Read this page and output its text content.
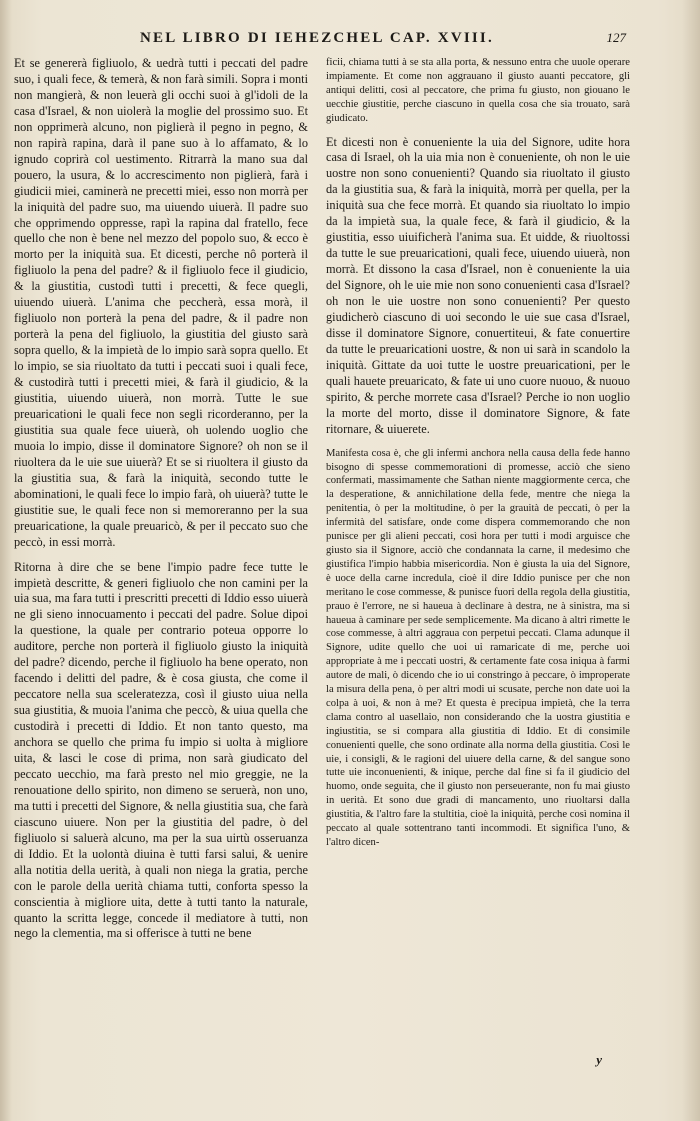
NEL LIBRO DI IEHEZCHEL CAP. XVIII.	127

Et se genererà figliuolo, & uedrà tutti i peccati del padre suo, i quali fece, & temerà, & non farà simili. Sopra i monti non mangierà, & non leuerà gli occhi suoi à gl'idoli de la casa d'Israel, & non uiolerà la moglie del prossimo suo. Et non opprimerà alcuno, non piglierà il pegno in pegno, & non rapirà rapina, darà il pane suo à lo affamato, & lo ignudo coprirà col uestimento. Ritrarrà la mano sua dal pouero, la usura, & lo accrescimento non piglierà, farà i giudicii miei, caminerà ne precetti miei, esso non morrà per la iniquità del padre suo, ma uiuendo uiuerà. Il padre suo che opprimendo oppresse, rapì la rapina dal fratello, fece quello che non è bene nel mezzo del popolo suo, & ecco è morto per la iniquità sua. Et dicesti, perche nô porterà il figliuolo la pena del padre? & il figliuolo fece il giudicio, & la giustitia, custodì tutti i precetti, & fece quegli, uiuendo uiuerà. L'anima che peccherà, essa morà, il figliuolo non porterà la pena del padre, & il padre non porterà la pena del figliuolo, la giustitia del giusto sarà sopra quello, & la impietà de lo impio sarà sopra quello. Et lo impio, se sia riuoltato da tutti i peccati suoi i quali fece, & custodirà tutti i precetti miei, & farà il giudicio, & la giustitia, uiuendo uiuerà, non morrà. Tutte le sue preuaricationi le quali fece non segli ricorderanno, per la giustitia sua quale fece uiuerà, oh uolendo uoglio che muoia lo impio, disse il dominatore Signore? oh non se il riuoltera da le uie sue uiuerà? Et se si riuoltera il giusto da la giustitia sua, & farà la iniquità, secondo tutte le abominationi, le quali fece lo impio farà, oh uiuerà? tutte le giustitie sue, le quali fece non si memoreranno per la sua preuaricatione, la quale preuaricò, & per il peccato suo che peccò, in essi morrà.

Ritorna à dire che se bene l'impio padre fece tutte le impietà descritte, & generi figliuolo che non camini per la uia sua, ma fara tutti i prescritti precetti di Iddio esso uiuerà ne gli sieno innocuamento i peccati del padre. Solue dipoi la questione, la quale per contrario poteua opporre lo auditore, perche non porterà il figliuolo giusto la iniquità del padre? dicendo, perche il figliuolo ha bene operato, non facendo i delitti del padre, & è cosa giusta, che come il peccatore nella sua sceleratezza, così il giusto uiua nella sua giustitia, & muoia l'anima che peccò, & uiua quella che custodirà i precetti di Iddio. Et non tanto questo, ma anchora se quello che prima fu impio si uolta à migliore uita, & lasci le cose di prima, non sarà giudicato del peccato uecchio, ma farà presto nel mio greggie, ne la renouatione dello spirito, non dimeno se seruerà, non uno, ma tutti i precetti del Signore, & nella giustitia sua, che farà ciascuno uiuere. Non per la giustitia del padre, ò del figliuolo si saluerà alcuno, ma per la sua uirtù osseruanza di Iddio. Et la uolontà diuina è tutti farsi salui, & uenire alla notitia della uerità, à quali non niega la gratia, perche con le parole della uerità chiama tutti, conforta spesso la conscientia à migliore uita, dette à tutti tanto la naturale, quanto la scritta legge, concede il mediatore à tutti, non nego la clementia, ma si offerisce à tutti ne bene

ficii, chiama tutti à se sta alla porta, & nessuno entra che uuole operare impiamente. Et come non aggrauano il giusto auanti peccatore, gli antiqui delitti, così al peccatore, che prima fu giusto, non giouano le uecchie giustitie, perche ciascuno in quella cosa che sia trouato, sarà giudicato.

Et dicesti non è conueniente la uia del Signore, udite hora casa di Israel, oh la uia mia non è conueniente, oh non le uie uostre non sono conuenienti? Quando sia riuoltato il giusto da la giustitia sua, & farà la iniquità, morrà per quella, per la iniquità sua che fece morrà. Et quando sia riuoltato lo impio da la impietà sua, la quale fece, & farà il giudicio, & la giustitia, esso uiuificherà l'anima sua. Et uidde, & riuoltossi da tutte le sue preuaricationi, quali fece, uiuendo uiuerà, non morrà. Et dissono la casa d'Israel, non è conueniente la uia del Signore, oh le uie mie non sono conuenienti casa d'Israel? oh non le uie uostre non sono conuenienti? Per questo giudicherò ciascuno di uoi secondo le uie sue casa d'Israel, disse il dominatore Signore, conuertiteui, & fate conuertire da tutte le preuaricationi uostre, & non ui sarà in scandolo la iniquità. Gittate da uoi tutte le uostre preuaricationi, per le quali hauete preuaricato, & fate ui uno cuore nuouo, & nuouo spirito, & perche morrete casa d'Israel? Perche io non uoglio la morte del morto, disse il dominatore Signore, & fate ritornare, & uiuerete.

Manifesta cosa è, che gli infermi anchora nella causa della fede hanno bisogno di spesse commemorationi di promesse, acciò che sieno confermati, massimamente che Sathan niente maggiormente cerca, che la desperatione, & annichilatione della fede, mentre che niega la penitentia, ò per la moltitudine, ò per la grauità de peccati, ò per la infermità del satisfare, onde come dispera commemorando che non punisce per gli alieni peccati, così hora per tutti i modi arguisce che giusto sia il Signore, acciò che condannata la carne, il medesimo che giustifica l'impio habbia misericordia. Non è giusta la uia del Signore, è uoce della carne incredula, cioè il dire Iddio punisce per che non meritano le cose commesse, & punisce fuori della regola della giustitia, prauo è l'errore, ne si haueua à declinare à destra, ne à sinistra, ma si haueua à caminare per sede semplicemente. Ma dicano à altri rimette le cose commesse, à altri aggraua con perpetui peccati. Clama adunque il Signore, udite quello che uoi ui ramaricate di me, perche uoi appropriate à me i peccati uostri, & certamente fate cosa iniqua à farmi autore de mali, ò dicendo che io ui constringo à peccare, ò improperate la misura della pena, ò per altri modi ui scusate, perche non date uoi la colpa à uoi, & non à me? Et questa è precipua impietà, che la terra clama contro al uasellaio, non considerando che la uostra giustitia e ingiustitia, se si compara alla giustitia di Iddio. Et di consimile conuenienti quelle, che sono ordinate alla norma della giustitia. Così le uie, i consigli, & le ragioni del uiuere della carne, & del sangue sono tutte uie inconuenienti, & inique, perche dal fine si fa il giudicio del huomo, onde seguita, che il giusto non perseuerante, non fu mai giusto in uerità. Et sono due gradi di mancamento, uno riuoltarsi dalla giustitia, & l'altro fare la stultitia, cioè la iniquità, perche così nomina il peccato al quale sottentrano tanti incommodi. Et significa l'uno, & l'altro dicen-

y
